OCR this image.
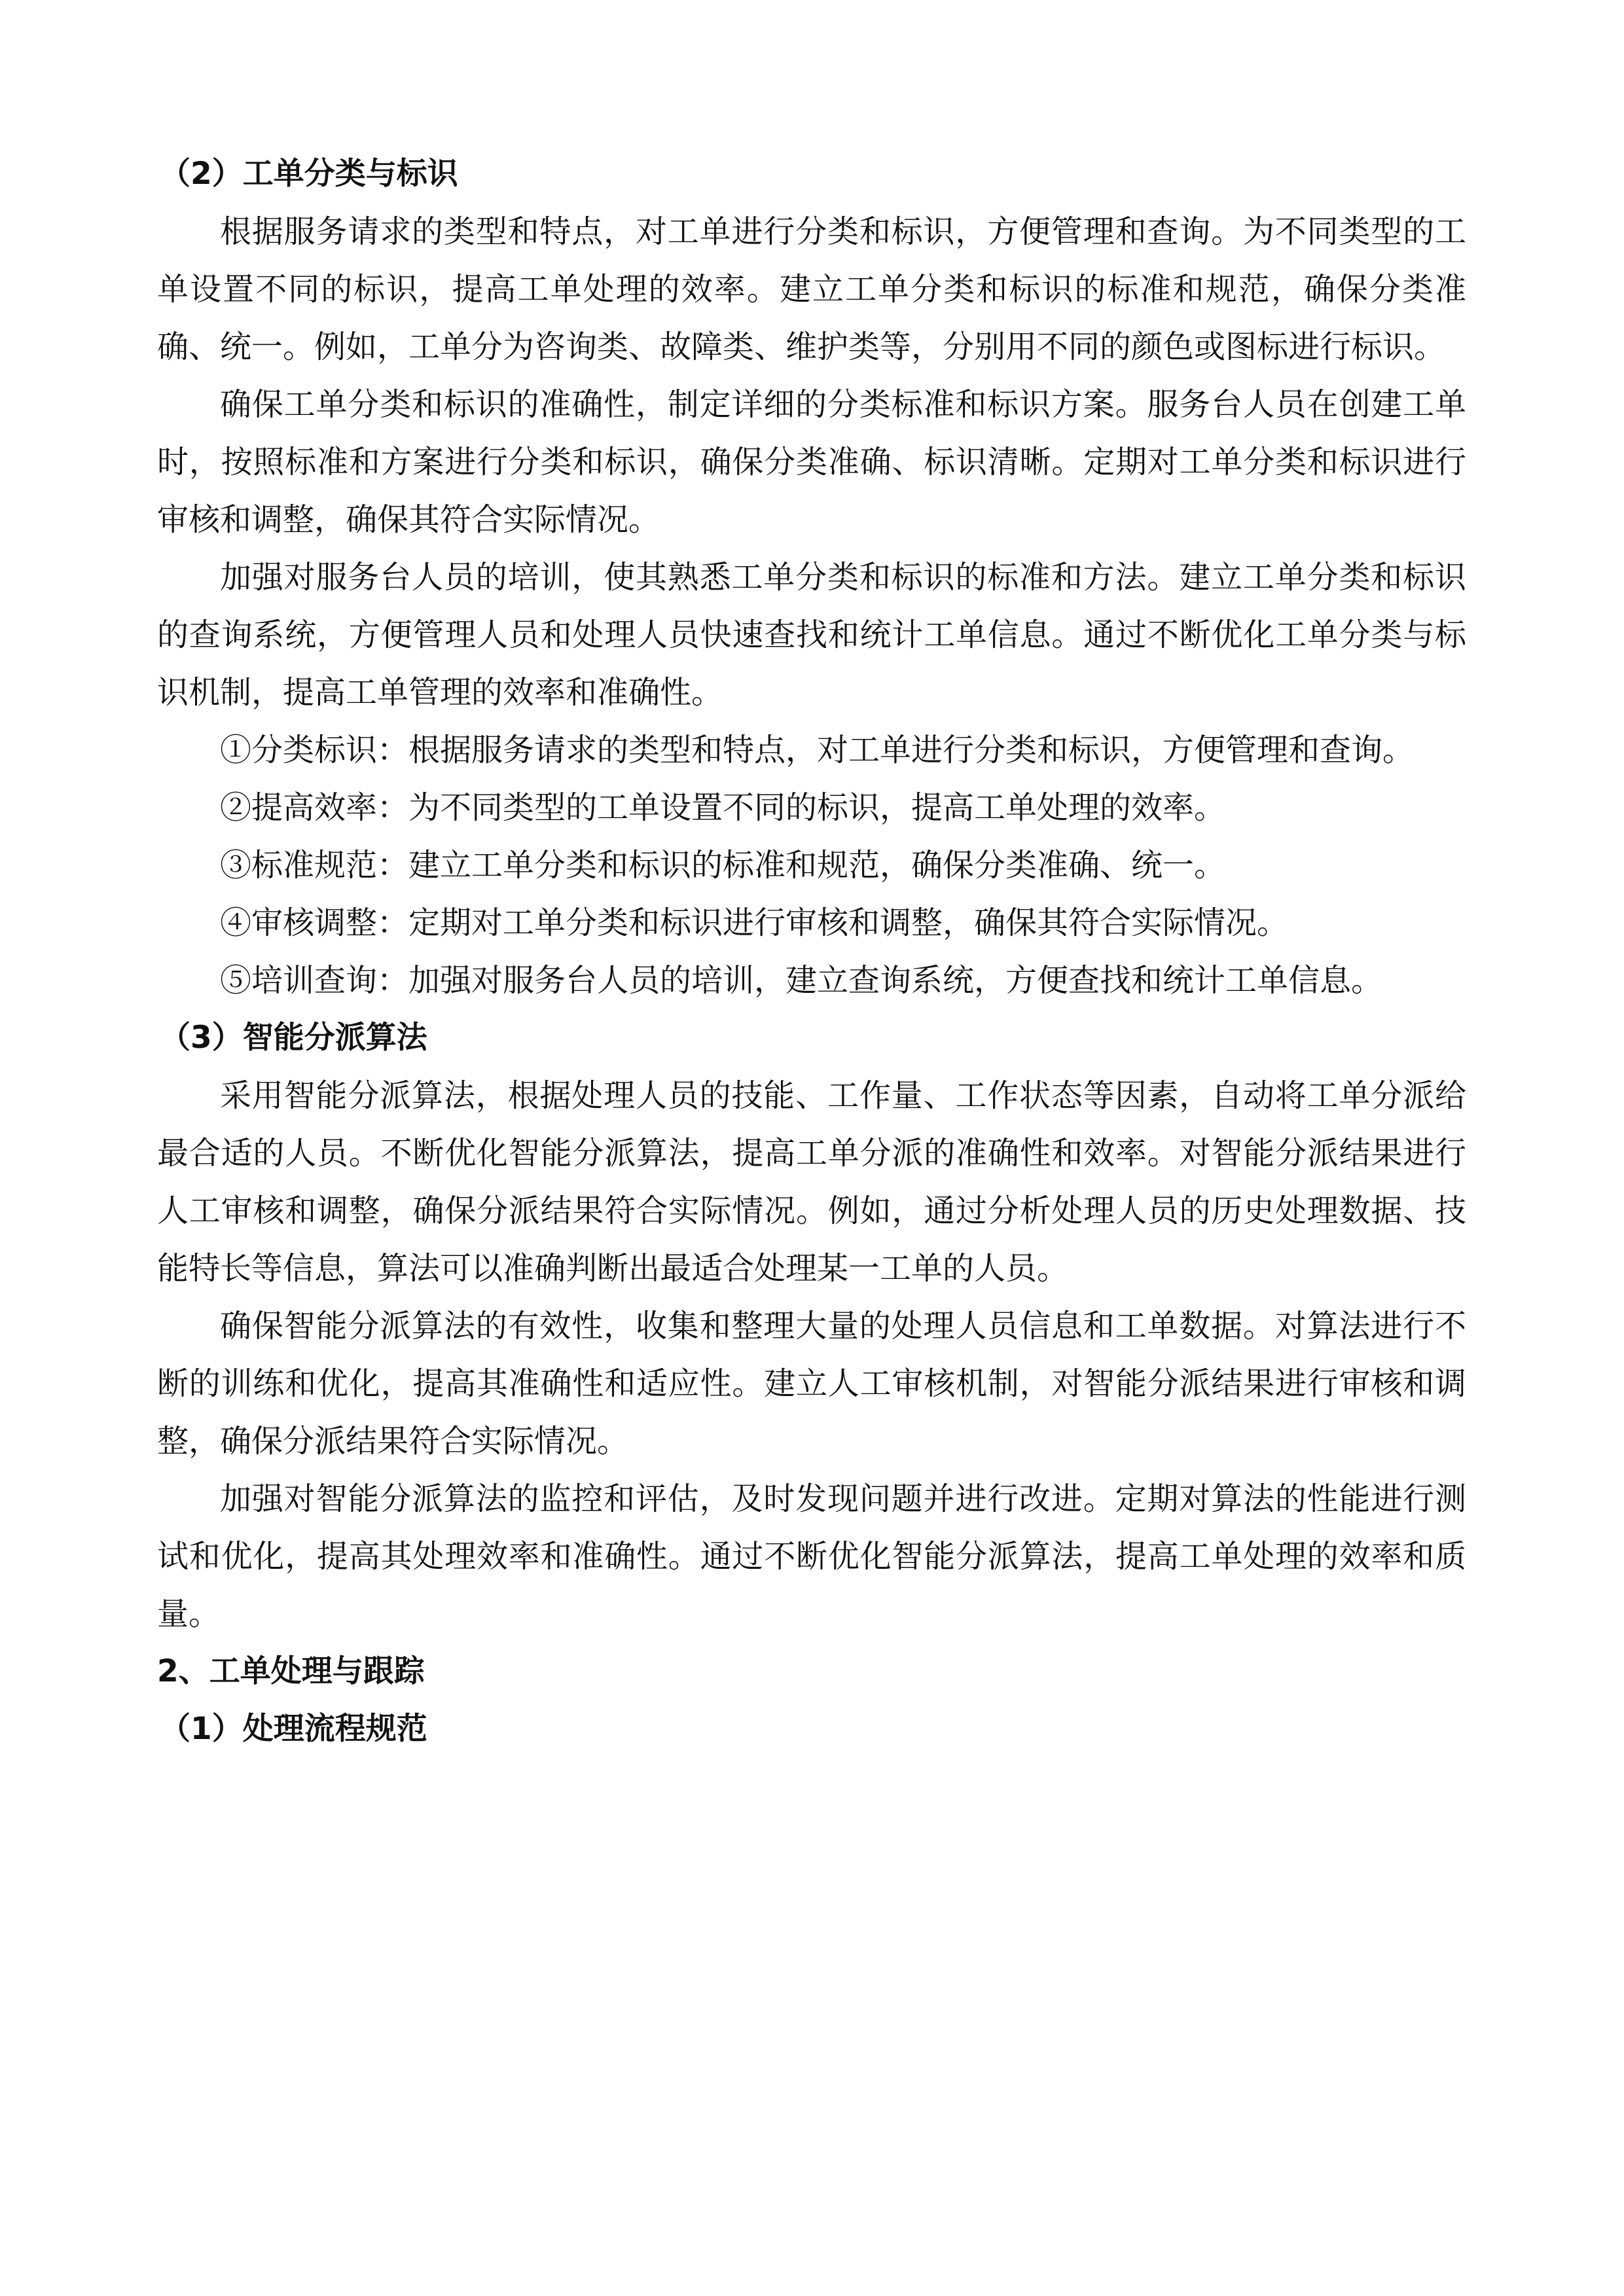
（2）工单分类与标识

根据服务请求的类型和特点，对工单进行分类和标识，方便管理和查询。为不同类型的工单设置不同的标识，提高工单处理的效率。建立工单分类和标识的标准和规范，确保分类准确、统一。例如，工单分为咨询类、故障类、维护类等，分别用不同的颜色或图标进行标识。

确保工单分类和标识的准确性，制定详细的分类标准和标识方案。服务台人员在创建工单时，按照标准和方案进行分类和标识，确保分类准确、标识清晰。定期对工单分类和标识进行审核和调整，确保其符合实际情况。

加强对服务台人员的培训，使其熟悉工单分类和标识的标准和方法。建立工单分类和标识的查询系统，方便管理人员和处理人员快速查找和统计工单信息。通过不断优化工单分类与标识机制，提高工单管理的效率和准确性。

①分类标识：根据服务请求的类型和特点，对工单进行分类和标识，方便管理和查询。

②提高效率：为不同类型的工单设置不同的标识，提高工单处理的效率。

③标准规范：建立工单分类和标识的标准和规范，确保分类准确、统一。

④审核调整：定期对工单分类和标识进行审核和调整，确保其符合实际情况。

⑤培训查询：加强对服务台人员的培训，建立查询系统，方便查找和统计工单信息。

（3）智能分派算法

采用智能分派算法，根据处理人员的技能、工作量、工作状态等因素，自动将工单分派给最合适的人员。不断优化智能分派算法，提高工单分派的准确性和效率。对智能分派结果进行人工审核和调整，确保分派结果符合实际情况。例如，通过分析处理人员的历史处理数据、技能特长等信息，算法可以准确判断出最适合处理某一工单的人员。

确保智能分派算法的有效性，收集和整理大量的处理人员信息和工单数据。对算法进行不断的训练和优化，提高其准确性和适应性。建立人工审核机制，对智能分派结果进行审核和调整，确保分派结果符合实际情况。

加强对智能分派算法的监控和评估，及时发现问题并进行改进。定期对算法的性能进行测试和优化，提高其处理效率和准确性。通过不断优化智能分派算法，提高工单处理的效率和质量。

2、工单处理与跟踪
（1）处理流程规范
